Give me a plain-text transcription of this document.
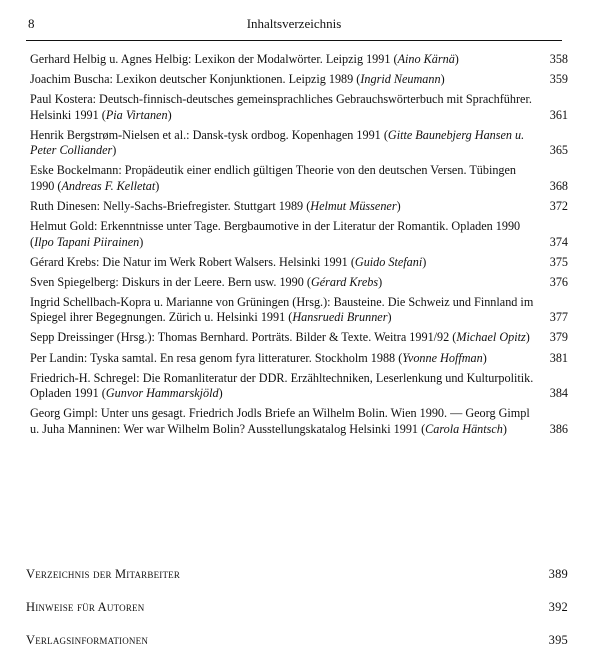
8	Inhaltsverzeichnis
Gerhard Helbig u. Agnes Helbig: Lexikon der Modalwörter. Leipzig 1991 (Aino Kärnä)	358
Joachim Buscha: Lexikon deutscher Konjunktionen. Leipzig 1989 (Ingrid Neumann)	359
Paul Kostera: Deutsch-finnisch-deutsches gemeinsprachliches Gebrauchswörterbuch mit Sprachführer. Helsinki 1991 (Pia Virtanen)	361
Henrik Bergstrøm-Nielsen et al.: Dansk-tysk ordbog. Kopenhagen 1991 (Gitte Baunebjerg Hansen u. Peter Colliander)	365
Eske Bockelmann: Propädeutik einer endlich gültigen Theorie von den deutschen Versen. Tübingen 1990 (Andreas F. Kelletat)	368
Ruth Dinesen: Nelly-Sachs-Briefregister. Stuttgart 1989 (Helmut Müssener)	372
Helmut Gold: Erkenntnisse unter Tage. Bergbaumotive in der Literatur der Romantik. Opladen 1990 (Ilpo Tapani Piirainen)	374
Gérard Krebs: Die Natur im Werk Robert Walsers. Helsinki 1991 (Guido Stefani)	375
Sven Spiegelberg: Diskurs in der Leere. Bern usw. 1990 (Gérard Krebs)	376
Ingrid Schellbach-Kopra u. Marianne von Grüningen (Hrsg.): Bausteine. Die Schweiz und Finnland im Spiegel ihrer Begegnungen. Zürich u. Helsinki 1991 (Hansruedi Brunner)	377
Sepp Dreissinger (Hrsg.): Thomas Bernhard. Porträts. Bilder & Texte. Weitra 1991/92 (Michael Opitz)	379
Per Landin: Tyska samtal. En resa genom fyra litteraturer. Stockholm 1988 (Yvonne Hoffman)	381
Friedrich-H. Schregel: Die Romanliteratur der DDR. Erzähltechniken, Leserlenkung und Kulturpolitik. Opladen 1991 (Gunvor Hammarskjöld)	384
Georg Gimpl: Unter uns gesagt. Friedrich Jodls Briefe an Wilhelm Bolin. Wien 1990. — Georg Gimpl u. Juha Manninen: Wer war Wilhelm Bolin? Ausstellungskatalog Helsinki 1991 (Carola Häntsch)	386
Verzeichnis der Mitarbeiter	389
Hinweise für Autoren	392
Verlagsinformationen	395
